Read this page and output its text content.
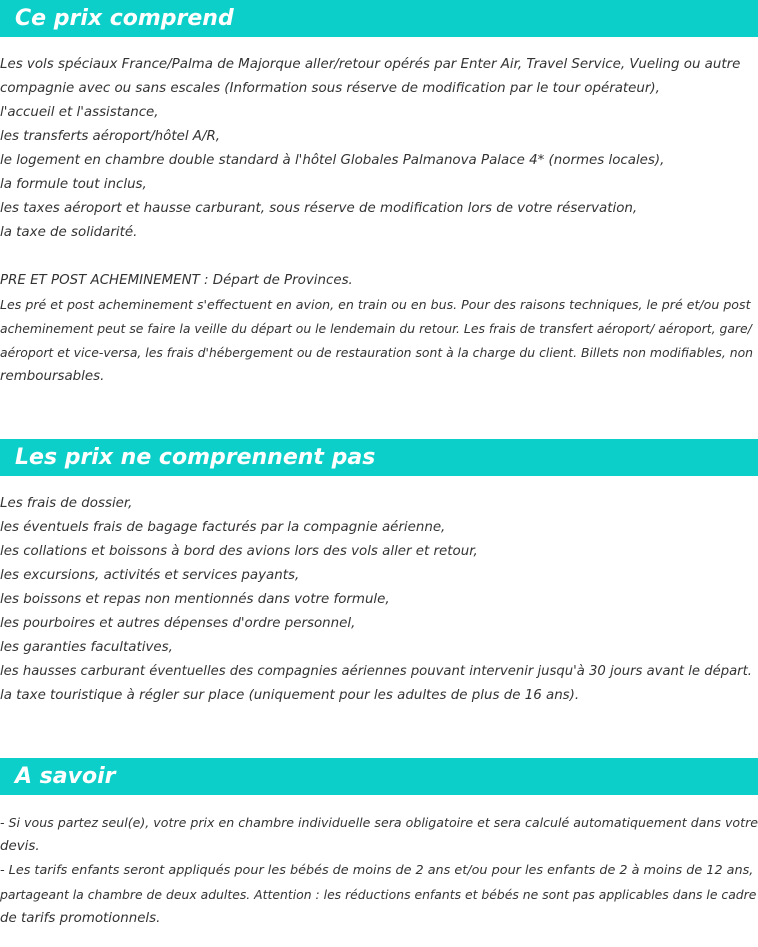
Ce prix comprend
Les vols spéciaux France/Palma de Majorque aller/retour opérés par Enter Air, Travel Service, Vueling ou autre
compagnie avec ou sans escales (Information sous réserve de modification par le tour opérateur),
l'accueil et l'assistance,
les transferts aéroport/hôtel A/R,
le logement en chambre double standard à l'hôtel Globales Palmanova Palace 4* (normes locales),
la formule tout inclus,
les taxes aéroport et hausse carburant, sous réserve de modification lors de votre réservation,
la taxe de solidarité.
PRE ET POST ACHEMINEMENT : Départ de Provinces.
Les pré et post acheminement s'effectuent en avion, en train ou en bus. Pour des raisons techniques, le pré et/ou post
acheminement peut se faire la veille du départ ou le lendemain du retour. Les frais de transfert aéroport/ aéroport, gare/
aéroport et vice-versa, les frais d'hébergement ou de restauration sont à la charge du client. Billets non modifiables, non
remboursables.
Les prix ne comprennent pas
Les frais de dossier,
les éventuels frais de bagage facturés par la compagnie aérienne,
les collations et boissons à bord des avions lors des vols aller et retour,
les excursions, activités et services payants,
les boissons et repas non mentionnés dans votre formule,
les pourboires et autres dépenses d'ordre personnel,
les garanties facultatives,
les hausses carburant éventuelles des compagnies aériennes pouvant intervenir jusqu'à 30 jours avant le départ.
la taxe touristique à régler sur place (uniquement pour les adultes de plus de 16 ans).
A savoir
- Si vous partez seul(e), votre prix en chambre individuelle sera obligatoire et sera calculé automatiquement dans votre
devis.
- Les tarifs enfants seront appliqués pour les bébés de moins de 2 ans et/ou pour les enfants de 2 à moins de 12 ans,
partageant la chambre de deux adultes. Attention : les réductions enfants et bébés ne sont pas applicables dans le cadre
de tarifs promotionnels.
